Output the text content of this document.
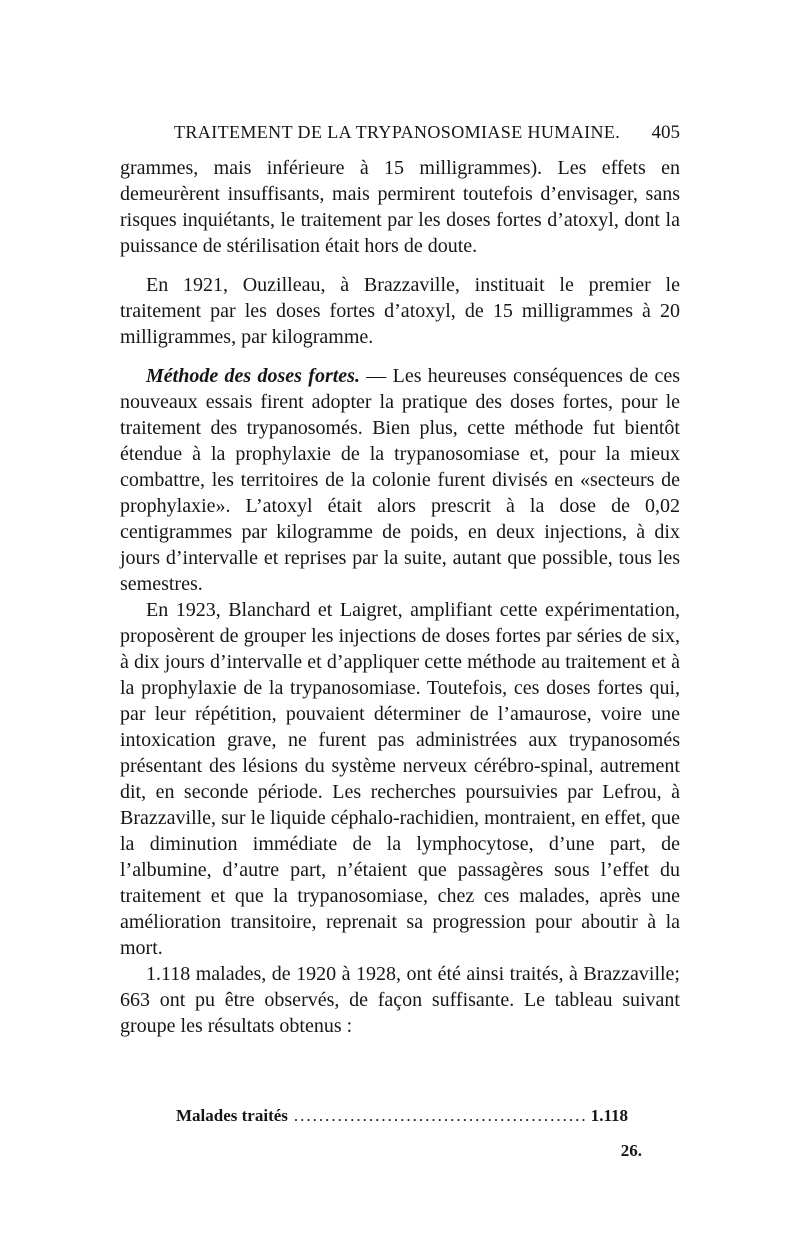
TRAITEMENT DE LA TRYPANOSOMIASE HUMAINE. 405

grammes, mais inférieure à 15 milligrammes). Les effets en demeurèrent insuffisants, mais permirent toutefois d’envisager, sans risques inquiétants, le traitement par les doses fortes d’atoxyl, dont la puissance de stérilisation était hors de doute.

En 1921, Ouzilleau, à Brazzaville, instituait le premier le traitement par les doses fortes d’atoxyl, de 15 milligrammes à 20 milligrammes, par kilogramme.

Méthode des doses fortes. — Les heureuses conséquences de ces nouveaux essais firent adopter la pratique des doses fortes, pour le traitement des trypanosomés. Bien plus, cette méthode fut bientôt étendue à la prophylaxie de la trypanosomiase et, pour la mieux combattre, les territoires de la colonie furent divisés en «secteurs de prophylaxie». L’atoxyl était alors prescrit à la dose de 0,02 centigrammes par kilogramme de poids, en deux injections, à dix jours d’intervalle et reprises par la suite, autant que possible, tous les semestres.

En 1923, Blanchard et Laigret, amplifiant cette expérimentation, proposèrent de grouper les injections de doses fortes par séries de six, à dix jours d’intervalle et d’appliquer cette méthode au traitement et à la prophylaxie de la trypanosomiase. Toutefois, ces doses fortes qui, par leur répétition, pouvaient déterminer de l’amaurose, voire une intoxication grave, ne furent pas administrées aux trypanosomés présentant des lésions du système nerveux cérébro-spinal, autrement dit, en seconde période. Les recherches poursuivies par Lefrou, à Brazzaville, sur le liquide céphalo-rachidien, montraient, en effet, que la diminution immédiate de la lymphocytose, d’une part, de l’albumine, d’autre part, n’étaient que passagères sous l’effet du traitement et que la trypanosomiase, chez ces malades, après une amélioration transitoire, reprenait sa progression pour aboutir à la mort.

1.118 malades, de 1920 à 1928, ont été ainsi traités, à Brazzaville; 663 ont pu être observés, de façon suffisante. Le tableau suivant groupe les résultats obtenus :

Malades traités
.....	1.118
26.
